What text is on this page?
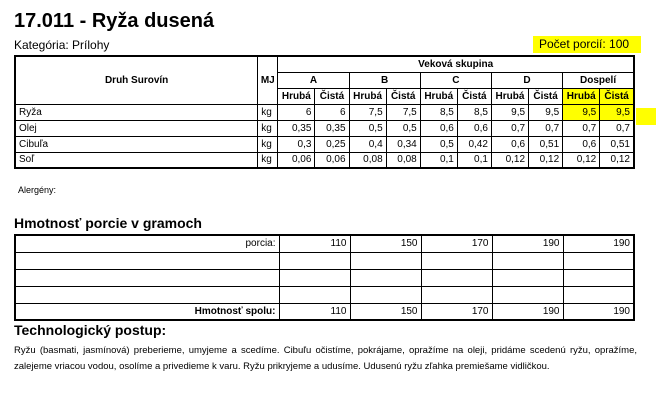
17.011 - Ryža dusená
Kategória: Prílohy	Počet porcií: 100
Druh Surovín	MJ	Veková skupina									
		A		B		C		D		Dospelí	
		Hrubá	Čistá	Hrubá	Čistá	Hrubá	Čistá	Hrubá	Čistá	Hrubá	Čistá
Ryža	kg	6	6	7,5	7,5	8,5	8,5	9,5	9,5	9,5	9,5
Olej	kg	0,35	0,35	0,5	0,5	0,6	0,6	0,7	0,7	0,7	0,7
Cibuľa	kg	0,3	0,25	0,4	0,34	0,5	0,42	0,6	0,51	0,6	0,51
Soľ	kg	0,06	0,06	0,08	0,08	0,1	0,1	0,12	0,12	0,12	0,12
Alergény:
Hmotnosť porcie v gramoch
porcia:	110	150	170	190	190

Hmotnosť spolu:	110	150	170	190	190
Technologický postup:
Ryžu (basmati, jasmínová) preberieme, umyjeme a scedíme. Cibuľu očistíme, pokrájame, opražíme na oleji, pridáme scedenú ryžu, opražíme, zalejeme vriacou vodou, osolíme a privedieme k varu. Ryžu prikryjeme a udusíme. Udusenú ryžu zľahka premiešame vidličkou.
